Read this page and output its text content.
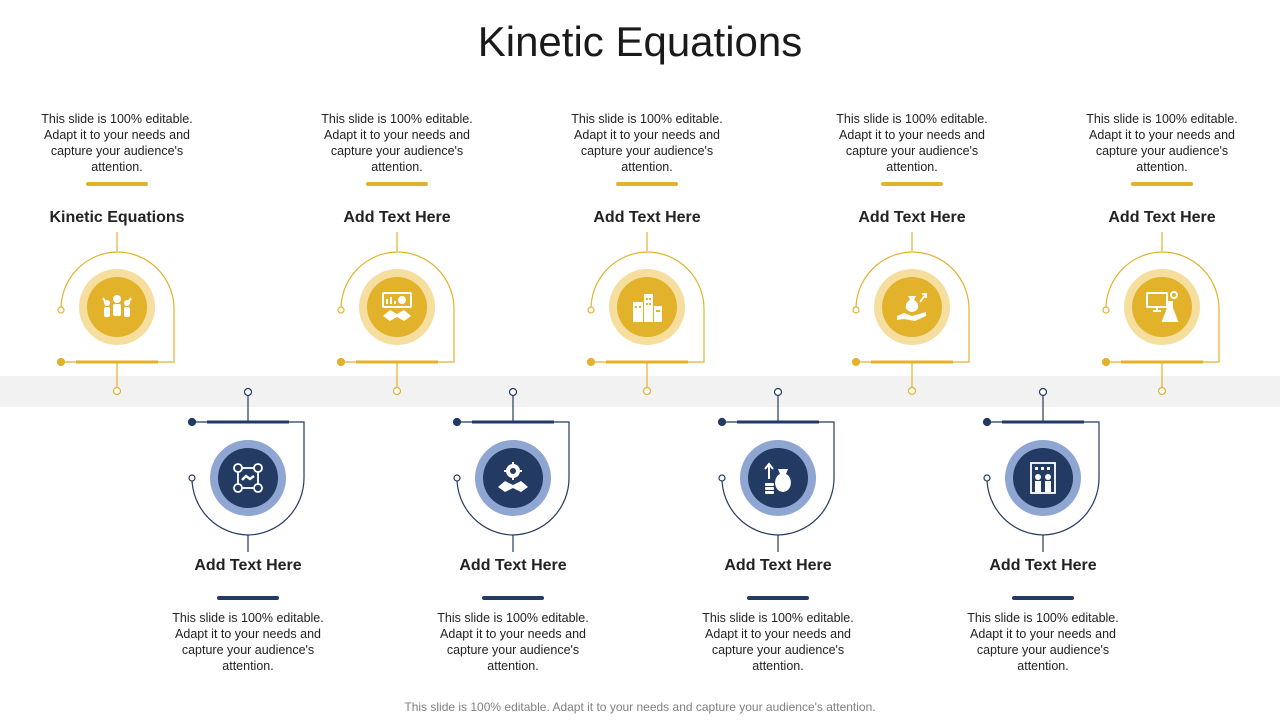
Kinetic Equations
This slide is 100% editable. Adapt it to your needs and capture your audience's attention.
Kinetic Equations
This slide is 100% editable. Adapt it to your needs and capture your audience's attention.
Add Text Here
This slide is 100% editable. Adapt it to your needs and capture your audience's attention.
Add Text Here
This slide is 100% editable. Adapt it to your needs and capture your audience's attention.
Add Text Here
This slide is 100% editable. Adapt it to your needs and capture your audience's attention.
Add Text Here
Add Text Here
This slide is 100% editable. Adapt it to your needs and capture your audience's attention.
Add Text Here
This slide is 100% editable. Adapt it to your needs and capture your audience's attention.
Add Text Here
This slide is 100% editable. Adapt it to your needs and capture your audience's attention.
Add Text Here
This slide is 100% editable. Adapt it to your needs and capture your audience's attention.
This slide is 100% editable. Adapt it to your needs and capture your audience's attention.
